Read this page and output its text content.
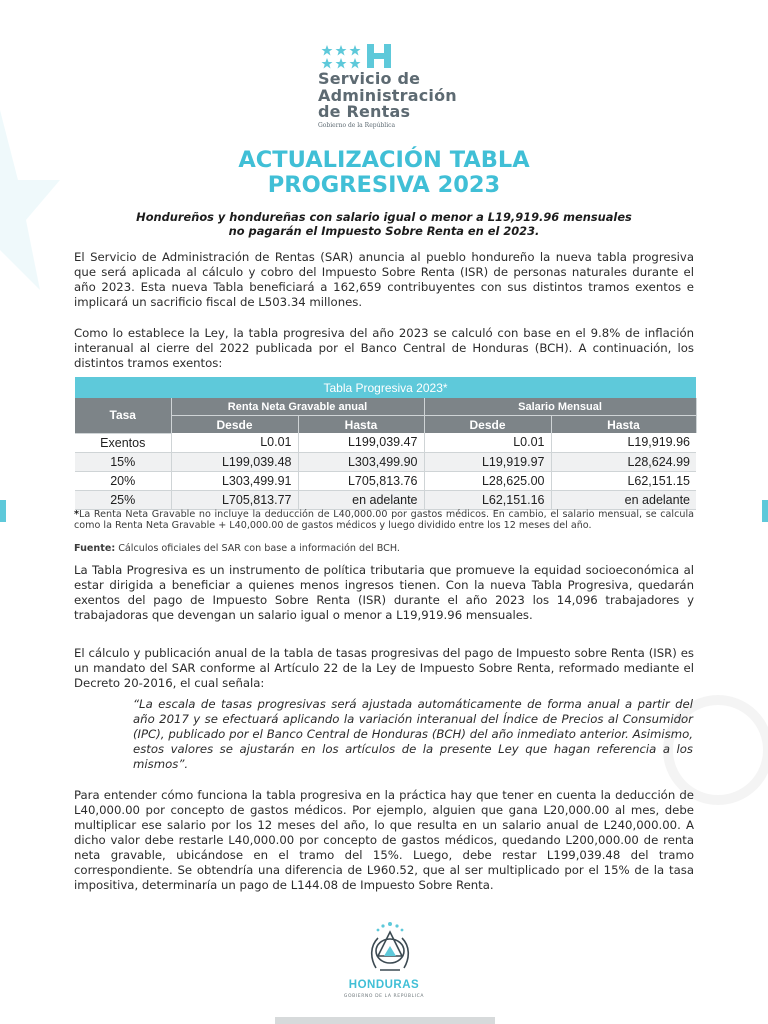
Servicio de
Administración
de Rentas
Gobierno de la República
ACTUALIZACIÓN TABLA
PROGRESIVA 2023
Hondureños y hondureñas con salario igual o menor a L19,919.96 mensuales
no pagarán el Impuesto Sobre Renta en el 2023.

El Servicio de Administración de Rentas (SAR) anuncia al pueblo hondureño la nueva tabla progresiva que será aplicada al cálculo y cobro del Impuesto Sobre Renta (ISR) de personas naturales durante el año 2023. Esta nueva Tabla beneficiará a 162,659 contribuyentes con sus distintos tramos exentos e implicará un sacrificio fiscal de L503.34 millones.

Como lo establece la Ley, la tabla progresiva del año 2023 se calculó con base en el 9.8% de inflación interanual al cierre del 2022 publicada por el Banco Central de Honduras (BCH). A continuación, los distintos tramos exentos:

Tabla Progresiva 2023*				
Tasa	Renta Neta Gravable anual		Salario Mensual	
	Desde	Hasta	Desde	Hasta
Exentos	L0.01	L199,039.47	L0.01	L19,919.96
15%	L199,039.48	L303,499.90	L19,919.97	L28,624.99
20%	L303,499.91	L705,813.76	L28,625.00	L62,151.15
25%	L705,813.77	en adelante	L62,151.16	en adelante
*La Renta Neta Gravable no incluye la deducción de L40,000.00 por gastos médicos. En cambio, el salario mensual, se calcula como la Renta Neta Gravable + L40,000.00 de gastos médicos y luego dividido entre los 12 meses del año.
Fuente: Cálculos oficiales del SAR con base a información del BCH.

La Tabla Progresiva es un instrumento de política tributaria que promueve la equidad socioeconómica al estar dirigida a beneficiar a quienes menos ingresos tienen. Con la nueva Tabla Progresiva, quedarán exentos del pago de Impuesto Sobre Renta (ISR) durante el año 2023 los 14,096 trabajadores y trabajadoras que devengan un salario igual o menor a L19,919.96 mensuales.

El cálculo y publicación anual de la tabla de tasas progresivas del pago de Impuesto sobre Renta (ISR) es un mandato del SAR conforme al Artículo 22 de la Ley de Impuesto Sobre Renta, reformado mediante el Decreto 20-2016, el cual señala:

“La escala de tasas progresivas será ajustada automáticamente de forma anual a partir del año 2017 y se efectuará aplicando la variación interanual del Índice de Precios al Consumidor (IPC), publicado por el Banco Central de Honduras (BCH) del año inmediato anterior. Asimismo, estos valores se ajustarán en los artículos de la presente Ley que hagan referencia a los mismos”.

Para entender cómo funciona la tabla progresiva en la práctica hay que tener en cuenta la deducción de L40,000.00 por concepto de gastos médicos. Por ejemplo, alguien que gana L20,000.00 al mes, debe multiplicar ese salario por los 12 meses del año, lo que resulta en un salario anual de L240,000.00. A dicho valor debe restarle L40,000.00 por concepto de gastos médicos, quedando L200,000.00 de renta neta gravable, ubicándose en el tramo del 15%. Luego, debe restar L199,039.48 del tramo correspondiente. Se obtendría una diferencia de L960.52, que al ser multiplicado por el 15% de la tasa impositiva, determinaría un pago de L144.08 de Impuesto Sobre Renta.

HONDURAS
GOBIERNO DE LA REPÚBLICA
